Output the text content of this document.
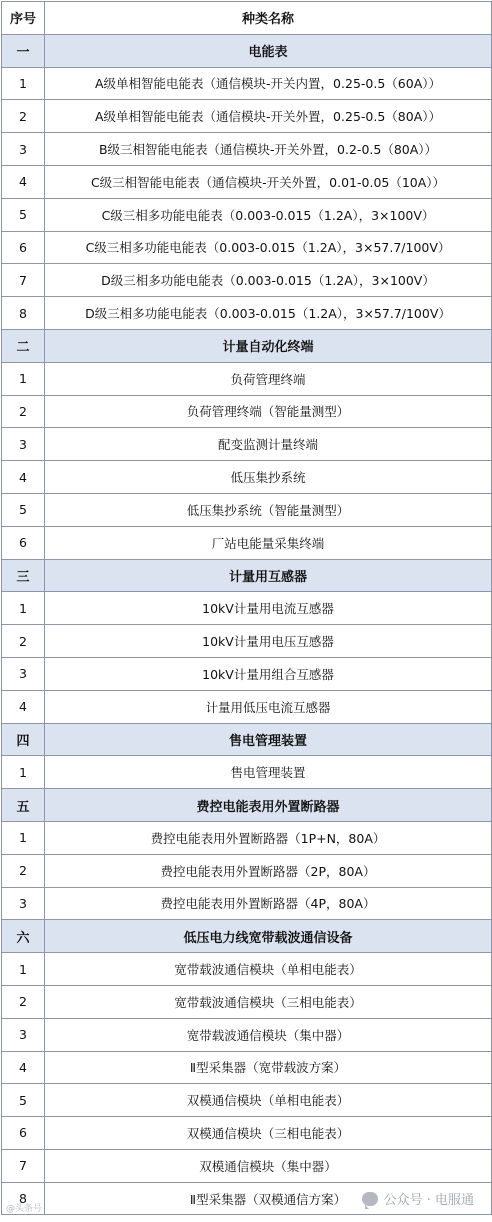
序号	种类名称
一	电能表
1	A级单相智能电能表（通信模块-开关内置，0.25-0.5（60A））
2	A级单相智能电能表（通信模块-开关外置，0.25-0.5（80A））
3	B级三相智能电能表（通信模块-开关外置，0.2-0.5（80A））
4	C级三相智能电能表（通信模块-开关外置，0.01-0.05（10A））
5	C级三相多功能电能表（0.003-0.015（1.2A），3×100V）
6	C级三相多功能电能表（0.003-0.015（1.2A），3×57.7/100V）
7	D级三相多功能电能表（0.003-0.015（1.2A），3×100V）
8	D级三相多功能电能表（0.003-0.015（1.2A），3×57.7/100V）
二	计量自动化终端
1	负荷管理终端
2	负荷管理终端（智能量测型）
3	配变监测计量终端
4	低压集抄系统
5	低压集抄系统（智能量测型）
6	厂站电能量采集终端
三	计量用互感器
1	10kV计量用电流互感器
2	10kV计量用电压互感器
3	10kV计量用组合互感器
4	计量用低压电流互感器
四	售电管理装置
1	售电管理装置
五	费控电能表用外置断路器
1	费控电能表用外置断路器（1P+N，80A）
2	费控电能表用外置断路器（2P，80A）
3	费控电能表用外置断路器（4P，80A）
六	低压电力线宽带载波通信设备
1	宽带载波通信模块（单相电能表）
2	宽带载波通信模块（三相电能表）
3	宽带载波通信模块（集中器）
4	Ⅱ型采集器（宽带载波方案）
5	双模通信模块（单相电能表）
6	双模通信模块（三相电能表）
7	双模通信模块（集中器）
8	Ⅱ型采集器（双模通信方案）
@头条号
公众号 · 电服通
